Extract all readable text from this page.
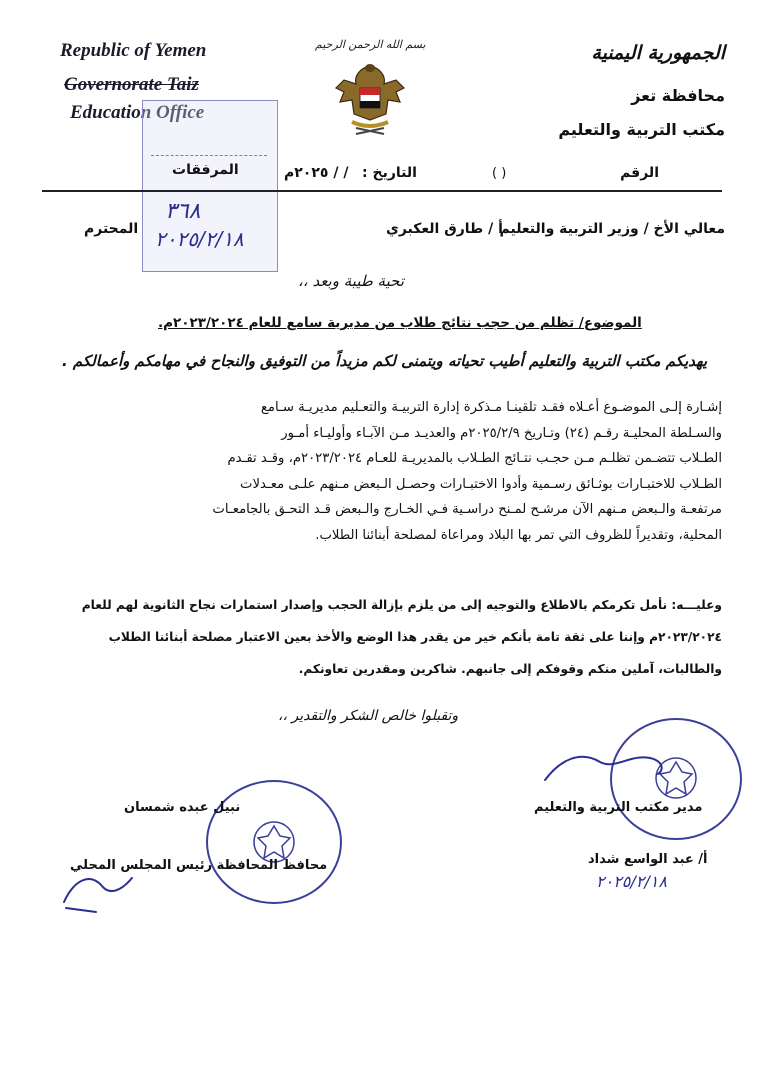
Republic of Yemen
Governorate Taiz
Education Office
الجمهورية اليمنية
محافظة تعز
مكتب التربية والتعليم
بسم الله الرحمن الرحيم
٣٦٨
٢٠٢٥/٢/١٨
الرقم
( )
التاريخ :
/ / ٢٠٢٥م
المرفقات
معالي الأخ / وزير التربية والتعليم
أ / طارق العكبري
المحترم
تحية طيبة وبعد ،،
الموضوع/ تظلم من حجب نتائج طلاب من مديرية سامع للعام ٢٠٢٣/٢٠٢٤م.
يهديكم مكتب التربية والتعليم أطيب تحياته ويتمنى لكم مزيداً من التوفيق والنجاح في مهامكم وأعمالكم .
إشـارة إلـى الموضـوع أعـلاه فقـد تلقينـا مـذكرة إدارة التربيـة والتعـليم مديريـة سـامع
والسـلطة المحليـة رقـم (٢٤) وتـاريخ ٢٠٢٥/٢/٩م والعديـد مـن الآبـاء وأوليـاء أمـور
الطـلاب تتضـمن تظلـم مـن حجـب نتـائج الطـلاب بالمديريـة للعـام ٢٠٢٣/٢٠٢٤م، وقـد تقـدم
الطـلاب للاختبـارات بوثـائق رسـمية وأدوا الاختبـارات وحصـل الـبعض مـنهم علـى معـدلات
مرتفعـة والـبعض مـنهم الآن مرشـح لمـنح دراسـية فـي الخـارج والـبعض قـد التحـق بالجامعـات
المحلية، وتقديراً للظروف التي تمر بها البلاد ومراعاة لمصلحة أبنائنا الطلاب.
وعليـــه: نأمل تكرمكم بالاطلاع والتوجيه إلى من يلزم بإزالة الحجب وإصدار استمارات نجاح الثانوية لهم للعام
٢٠٢٣/٢٠٢٤م وإننا على ثقة تامة بأنكم خير من يقدر هذا الوضع والأخذ بعين الاعتبار مصلحة أبنائنا الطلاب
والطالبات، آملين منكم وقوفكم إلى جانبهم. شاكرين ومقدرين تعاونكم.
وتقبلوا خالص الشكر والتقدير ،،
مدير مكتب التربية والتعليم
أ/ عبد الواسع شداد
٢٠٢٥/٢/١٨
نبيل عبده شمسان
محافظ المحافظة رئيس المجلس المحلي
